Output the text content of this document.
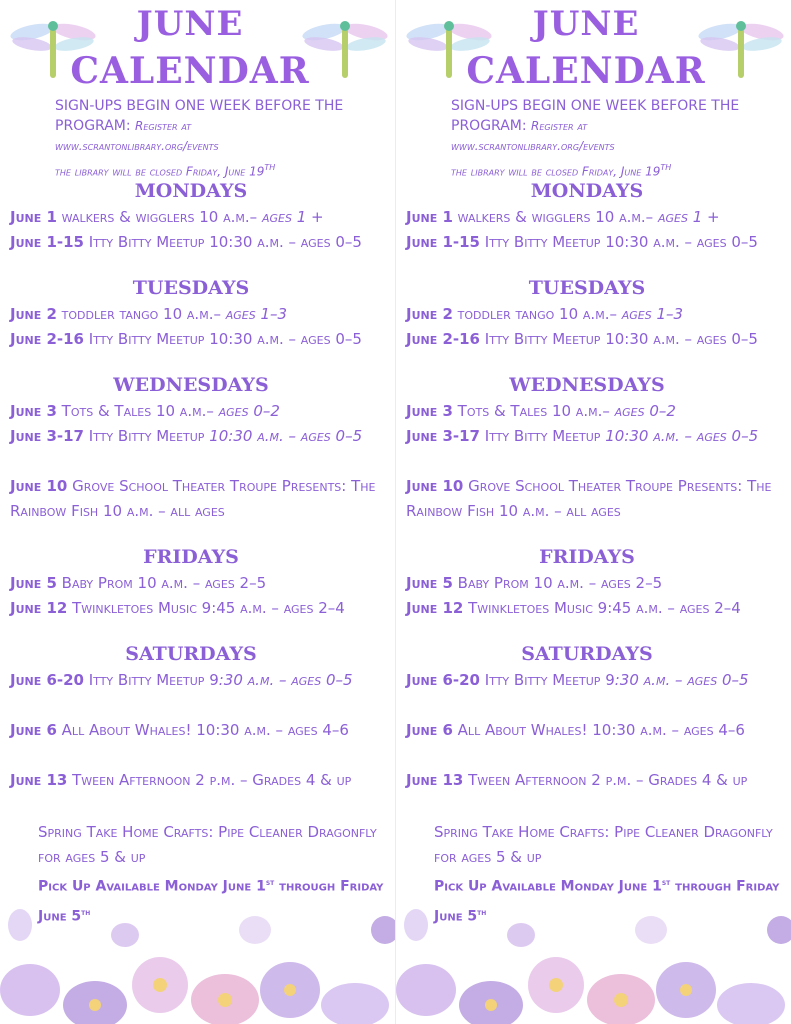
JUNE
CALENDAR
SIGN-UPS BEGIN ONE WEEK BEFORE THE PROGRAM: Register at
www.scrantonlibrary.org/events
the library will be closed Friday, June 19th
MONDAYS
June 1 walkers & wigglers 10 a.m.– ages 1 +
June 1-15 Itty Bitty Meetup 10:30 a.m. – ages 0–5
TUESDAYS
June 2 toddler tango 10 a.m.– ages 1–3
June 2-16 Itty Bitty Meetup 10:30 a.m. – ages 0–5
WEDNESDAYS
June 3 Tots & Tales 10 a.m.– ages 0–2
June 3-17 Itty Bitty Meetup 10:30 a.m. – ages 0–5
June 10 Grove School Theater Troupe Presents: The Rainbow Fish 10 a.m. – all ages
FRIDAYS
June 5 Baby Prom 10 a.m. – ages 2–5
June 12 Twinkletoes Music 9:45 a.m. – ages 2–4
SATURDAYS
June 6-20 Itty Bitty Meetup 9:30 a.m. – ages 0–5
June 6 All About Whales! 10:30 a.m. – ages 4–6
June 13 Tween Afternoon 2 p.m. – Grades 4 & up
Spring Take Home Crafts: Pipe Cleaner Dragonfly for ages 5 & up
Pick Up Available Monday June 1st through Friday June 5th
JUNE
CALENDAR
SIGN-UPS BEGIN ONE WEEK BEFORE THE PROGRAM: Register at
www.scrantonlibrary.org/events
the library will be closed Friday, June 19th
MONDAYS
June 1 walkers & wigglers 10 a.m.– ages 1 +
June 1-15 Itty Bitty Meetup 10:30 a.m. – ages 0–5
TUESDAYS
June 2 toddler tango 10 a.m.– ages 1–3
June 2-16 Itty Bitty Meetup 10:30 a.m. – ages 0–5
WEDNESDAYS
June 3 Tots & Tales 10 a.m.– ages 0–2
June 3-17 Itty Bitty Meetup 10:30 a.m. – ages 0–5
June 10 Grove School Theater Troupe Presents: The Rainbow Fish 10 a.m. – all ages
FRIDAYS
June 5 Baby Prom 10 a.m. – ages 2–5
June 12 Twinkletoes Music 9:45 a.m. – ages 2–4
SATURDAYS
June 6-20 Itty Bitty Meetup 9:30 a.m. – ages 0–5
June 6 All About Whales! 10:30 a.m. – ages 4–6
June 13 Tween Afternoon 2 p.m. – Grades 4 & up
Spring Take Home Crafts: Pipe Cleaner Dragonfly for ages 5 & up
Pick Up Available Monday June 1st through Friday June 5th
